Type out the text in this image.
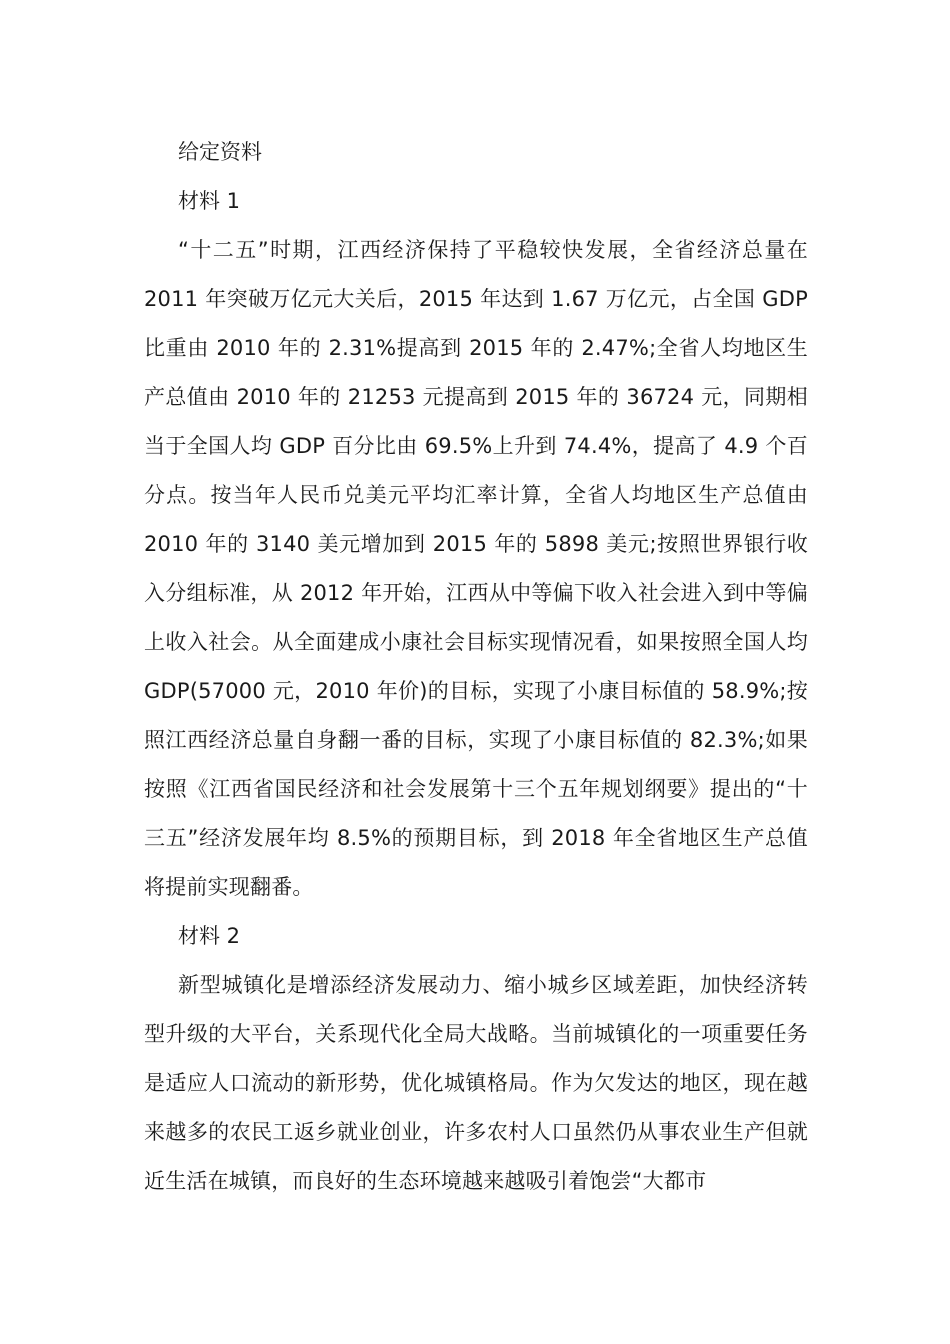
给定资料

材料 1

“十二五”时期，江西经济保持了平稳较快发展，全省经济总量在 2011 年突破万亿元大关后，2015 年达到 1.67 万亿元，占全国 GDP 比重由 2010 年的 2.31%提高到 2015 年的 2.47%;全省人均地区生产总值由 2010 年的 21253 元提高到 2015 年的 36724 元，同期相当于全国人均 GDP 百分比由 69.5%上升到 74.4%，提高了 4.9 个百分点。按当年人民币兑美元平均汇率计算，全省人均地区生产总值由 2010 年的 3140 美元增加到 2015 年的 5898 美元;按照世界银行收入分组标准，从 2012 年开始，江西从中等偏下收入社会进入到中等偏上收入社会。从全面建成小康社会目标实现情况看，如果按照全国人均 GDP(57000 元，2010 年价)的目标，实现了小康目标值的 58.9%;按照江西经济总量自身翻一番的目标，实现了小康目标值的 82.3%;如果按照《江西省国民经济和社会发展第十三个五年规划纲要》提出的“十三五”经济发展年均 8.5%的预期目标，到 2018 年全省地区生产总值将提前实现翻番。

材料 2

新型城镇化是增添经济发展动力、缩小城乡区域差距，加快经济转型升级的大平台，关系现代化全局大战略。当前城镇化的一项重要任务是适应人口流动的新形势，优化城镇格局。作为欠发达的地区，现在越来越多的农民工返乡就业创业，许多农村人口虽然仍从事农业生产但就近生活在城镇，而良好的生态环境越来越吸引着饱尝“大都市
